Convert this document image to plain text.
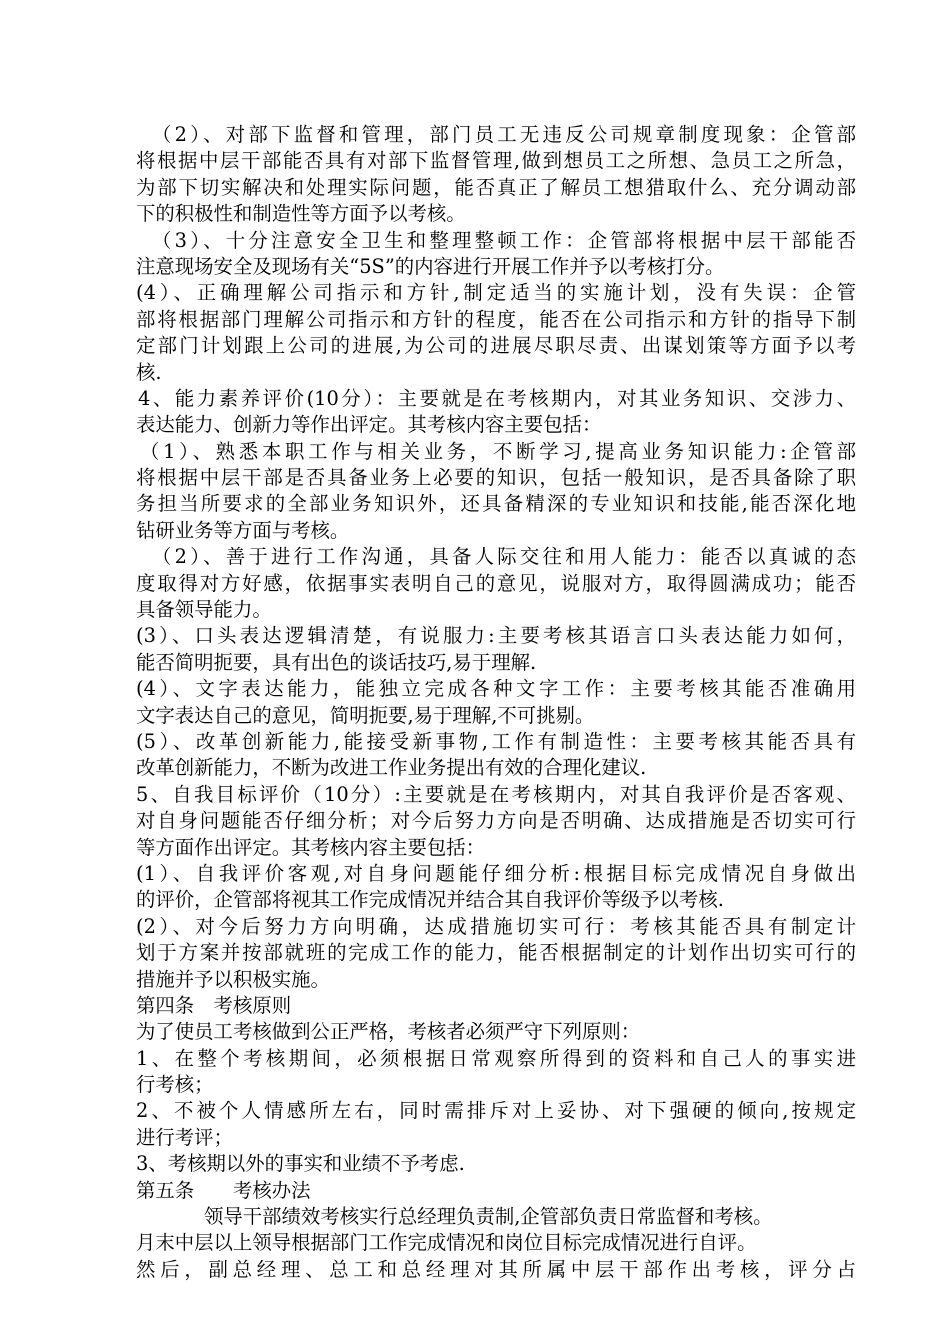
（2）、对部下监督和管理，部门员工无违反公司规章制度现象：企管部
将根据中层干部能否具有对部下监督管理,做到想员工之所想、急员工之所急，
为部下切实解决和处理实际问题，能否真正了解员工想猎取什么、充分调动部
下的积极性和制造性等方面予以考核。
（3）、十分注意安全卫生和整理整顿工作：企管部将根据中层干部能否
注意现场安全及现场有关“5S”的内容进行开展工作并予以考核打分。
(4）、正确理解公司指示和方针,制定适当的实施计划，没有失误：企管
部将根据部门理解公司指示和方针的程度，能否在公司指示和方针的指导下制
定部门计划跟上公司的进展,为公司的进展尽职尽责、出谋划策等方面予以考
核.
4、能力素养评价(10分）：主要就是在考核期内，对其业务知识、交涉力、
表达能力、创新力等作出评定。其考核内容主要包括：
（1）、熟悉本职工作与相关业务，不断学习,提高业务知识能力:企管部
将根据中层干部是否具备业务上必要的知识，包括一般知识，是否具备除了职
务担当所要求的全部业务知识外，还具备精深的专业知识和技能,能否深化地
钻研业务等方面与考核。
（2）、善于进行工作沟通，具备人际交往和用人能力：能否以真诚的态
度取得对方好感，依据事实表明自己的意见，说服对方，取得圆满成功；能否
具备领导能力。
(3）、口头表达逻辑清楚，有说服力:主要考核其语言口头表达能力如何，
能否简明扼要，具有出色的谈话技巧,易于理解.
(4）、文字表达能力，能独立完成各种文字工作：主要考核其能否准确用
文字表达自己的意见，简明扼要,易于理解,不可挑剔。
(5）、改革创新能力,能接受新事物,工作有制造性：主要考核其能否具有
改革创新能力，不断为改进工作业务提出有效的合理化建议.
5、自我目标评价（10分）:主要就是在考核期内，对其自我评价是否客观、
对自身问题能否仔细分析；对今后努力方向是否明确、达成措施是否切实可行
等方面作出评定。其考核内容主要包括：
(1）、自我评价客观,对自身问题能仔细分析:根据目标完成情况自身做出
的评价，企管部将视其工作完成情况并结合其自我评价等级予以考核.
(2）、对今后努力方向明确，达成措施切实可行：考核其能否具有制定计
划于方案并按部就班的完成工作的能力，能否根据制定的计划作出切实可行的
措施并予以积极实施。
第四条　考核原则
为了使员工考核做到公正严格，考核者必须严守下列原则：
1、在整个考核期间，必须根据日常观察所得到的资料和自己人的事实进
行考核；
2、不被个人情感所左右，同时需排斥对上妥协、对下强硬的倾向,按规定
进行考评；
3、考核期以外的事实和业绩不予考虑.
第五条　　考核办法
领导干部绩效考核实行总经理负责制,企管部负责日常监督和考核。
月末中层以上领导根据部门工作完成情况和岗位目标完成情况进行自评。
然后，副总经理、总工和总经理对其所属中层干部作出考核，评分占
